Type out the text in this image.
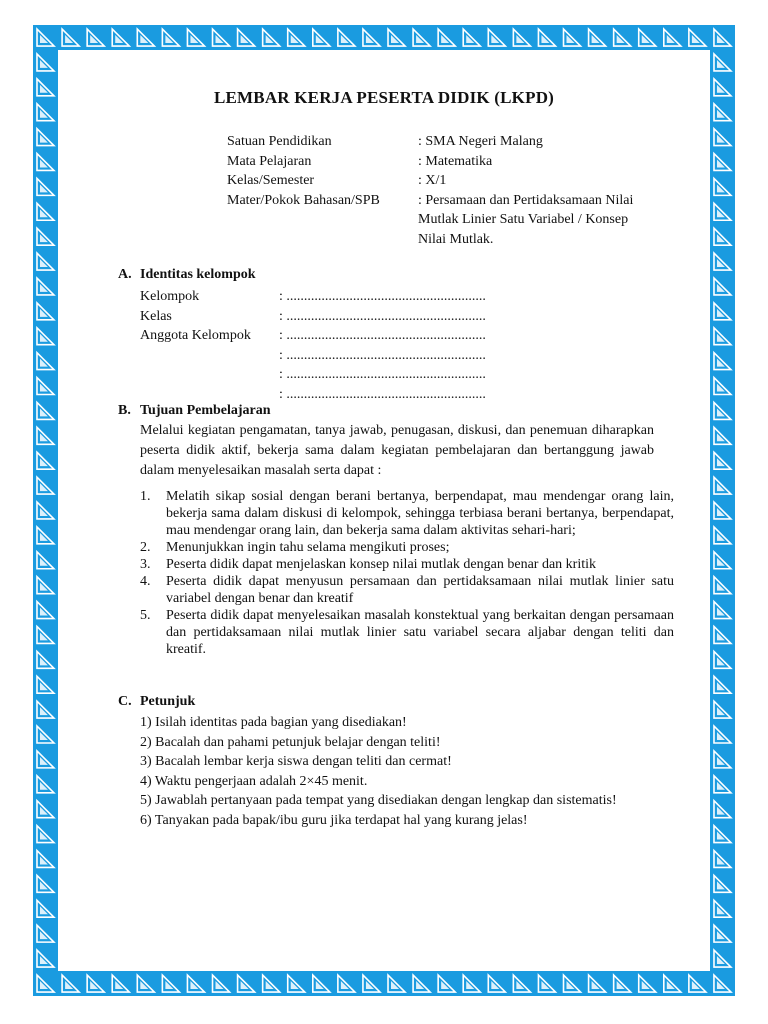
LEMBAR KERJA PESERTA DIDIK (LKPD)
Satuan Pendidikan	: SMA Negeri Malang
Mata Pelajaran	: Matematika
Kelas/Semester	: X/1
Mater/Pokok Bahasan/SPB	: Persamaan dan Pertidaksamaan Nilai
Mutlak Linier Satu Variabel / Konsep
Nilai Mutlak.
A. Identitas kelompok
Kelompok	: .........................................................
Kelas	: .........................................................
Anggota Kelompok : .........................................................
: .........................................................
: .........................................................
: .........................................................
B. Tujuan Pembelajaran
Melalui kegiatan pengamatan, tanya jawab, penugasan, diskusi, dan penemuan diharapkan peserta didik aktif, bekerja sama dalam kegiatan pembelajaran dan bertanggung jawab dalam menyelesaikan masalah serta dapat :
1. Melatih sikap sosial dengan berani bertanya, berpendapat, mau mendengar orang lain, bekerja sama dalam diskusi di kelompok, sehingga terbiasa berani bertanya, berpendapat, mau mendengar orang lain, dan bekerja sama dalam aktivitas sehari-hari;
2. Menunjukkan ingin tahu selama mengikuti proses;
3. Peserta didik dapat menjelaskan konsep nilai mutlak dengan benar dan kritik
4. Peserta didik dapat menyusun persamaan dan pertidaksamaan nilai mutlak linier satu variabel dengan benar dan kreatif
5. Peserta didik dapat menyelesaikan masalah konstektual yang berkaitan dengan persamaan dan pertidaksamaan nilai mutlak linier satu variabel secara aljabar dengan teliti dan kreatif.
C. Petunjuk
1) Isilah identitas pada bagian yang disediakan!
2) Bacalah dan pahami petunjuk belajar dengan teliti!
3) Bacalah lembar kerja siswa dengan teliti dan cermat!
4) Waktu pengerjaan adalah 2×45 menit.
5) Jawablah pertanyaan pada tempat yang disediakan dengan lengkap dan sistematis!
6) Tanyakan pada bapak/ibu guru jika terdapat hal yang kurang jelas!
